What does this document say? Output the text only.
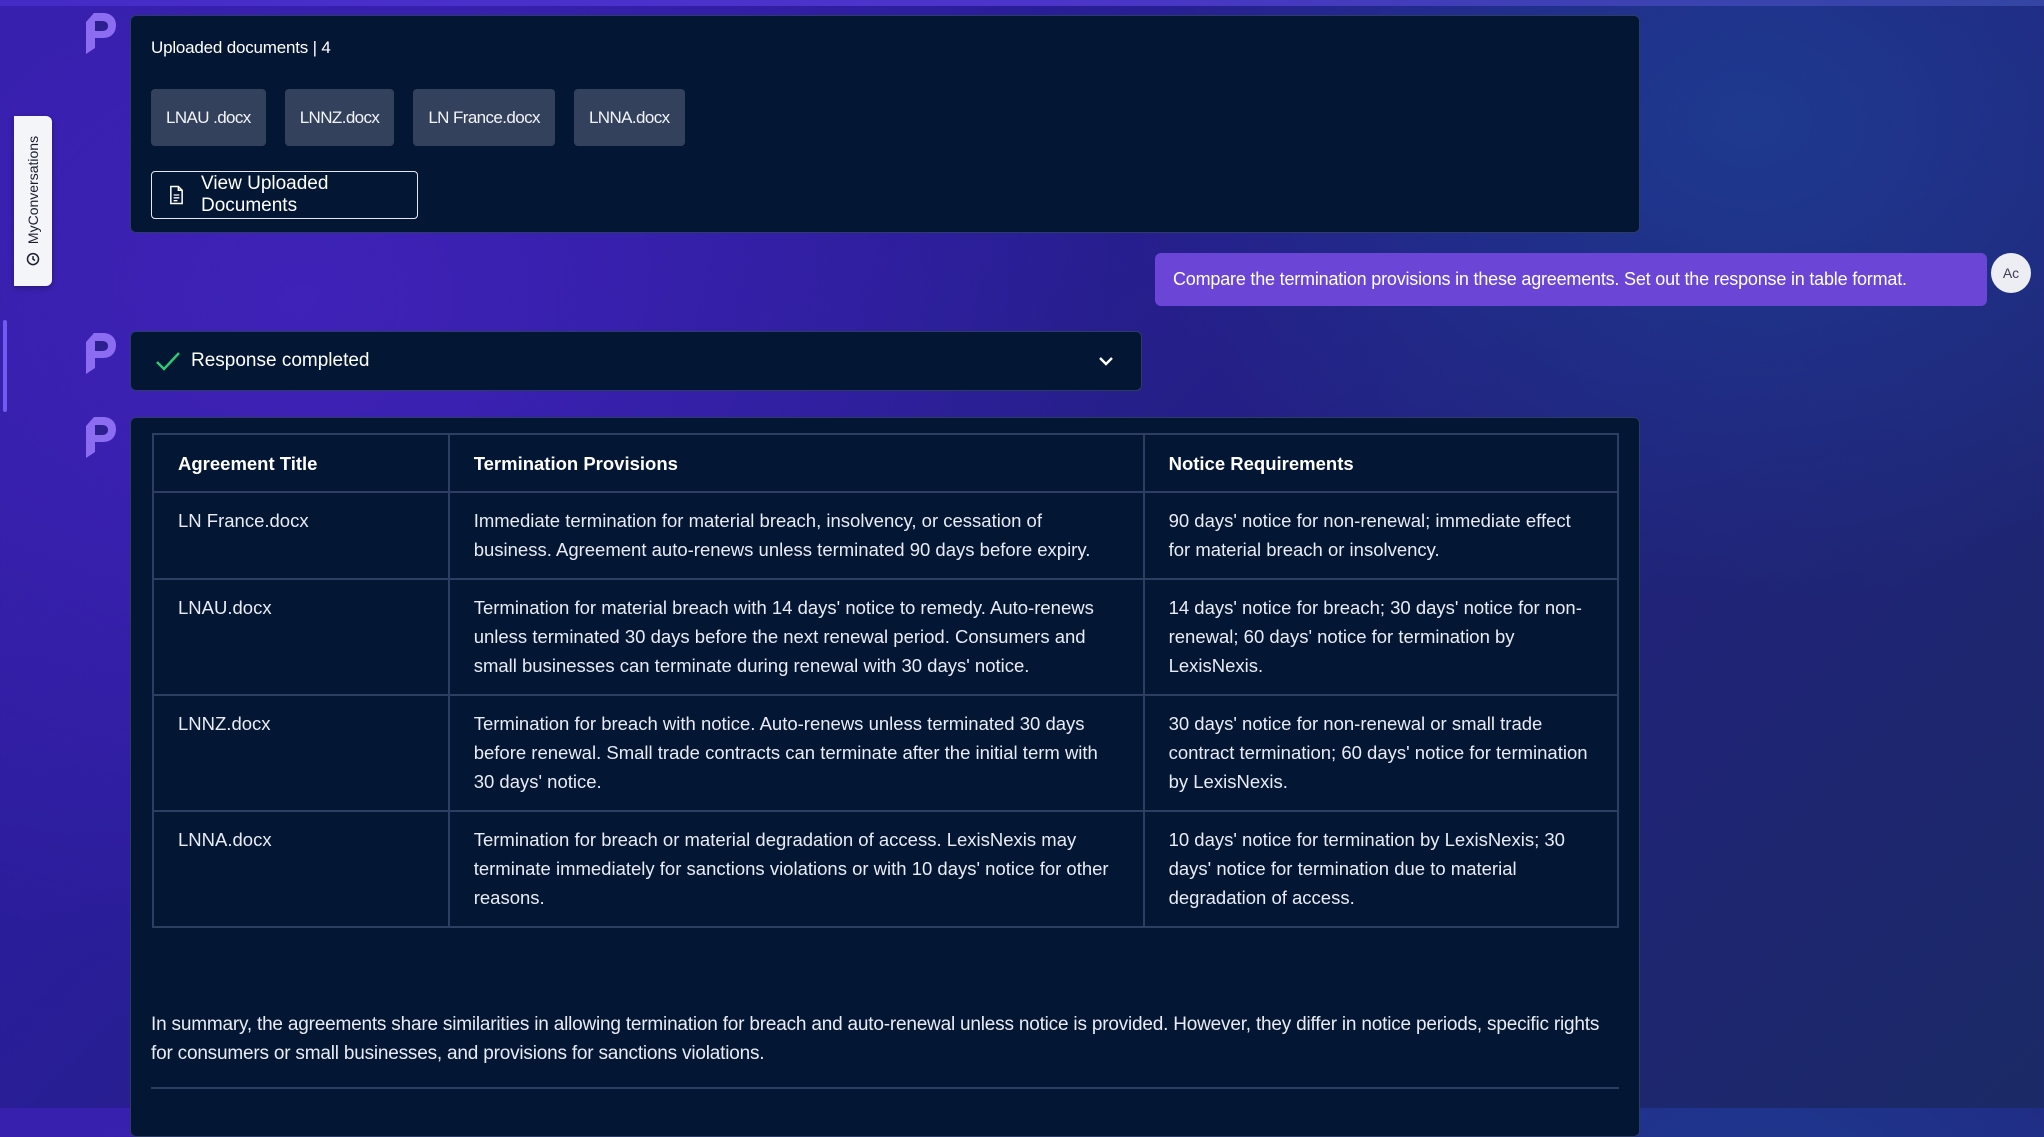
MyConversations
Uploaded documents | 4
LNAU .docx	LNNZ.docx	LN France.docx	LNNA.docx
View Uploaded Documents
Compare the termination provisions in these agreements. Set out the response in table format.	Ac
Response completed
Agreement Title	Termination Provisions	Notice Requirements
LN France.docx	Immediate termination for material breach, insolvency, or cessation of business. Agreement auto-renews unless terminated 90 days before expiry.	90 days' notice for non-renewal; immediate effect for material breach or insolvency.
LNAU.docx	Termination for material breach with 14 days' notice to remedy. Auto-renews unless terminated 30 days before the next renewal period. Consumers and small businesses can terminate during renewal with 30 days' notice.	14 days' notice for breach; 30 days' notice for non-renewal; 60 days' notice for termination by LexisNexis.
LNNZ.docx	Termination for breach with notice. Auto-renews unless terminated 30 days before renewal. Small trade contracts can terminate after the initial term with 30 days' notice.	30 days' notice for non-renewal or small trade contract termination; 60 days' notice for termination by LexisNexis.
LNNA.docx	Termination for breach or material degradation of access. LexisNexis may terminate immediately for sanctions violations or with 10 days' notice for other reasons.	10 days' notice for termination by LexisNexis; 30 days' notice for termination due to material degradation of access.
In summary, the agreements share similarities in allowing termination for breach and auto-renewal unless notice is provided. However, they differ in notice periods, specific rights for consumers or small businesses, and provisions for sanctions violations.
